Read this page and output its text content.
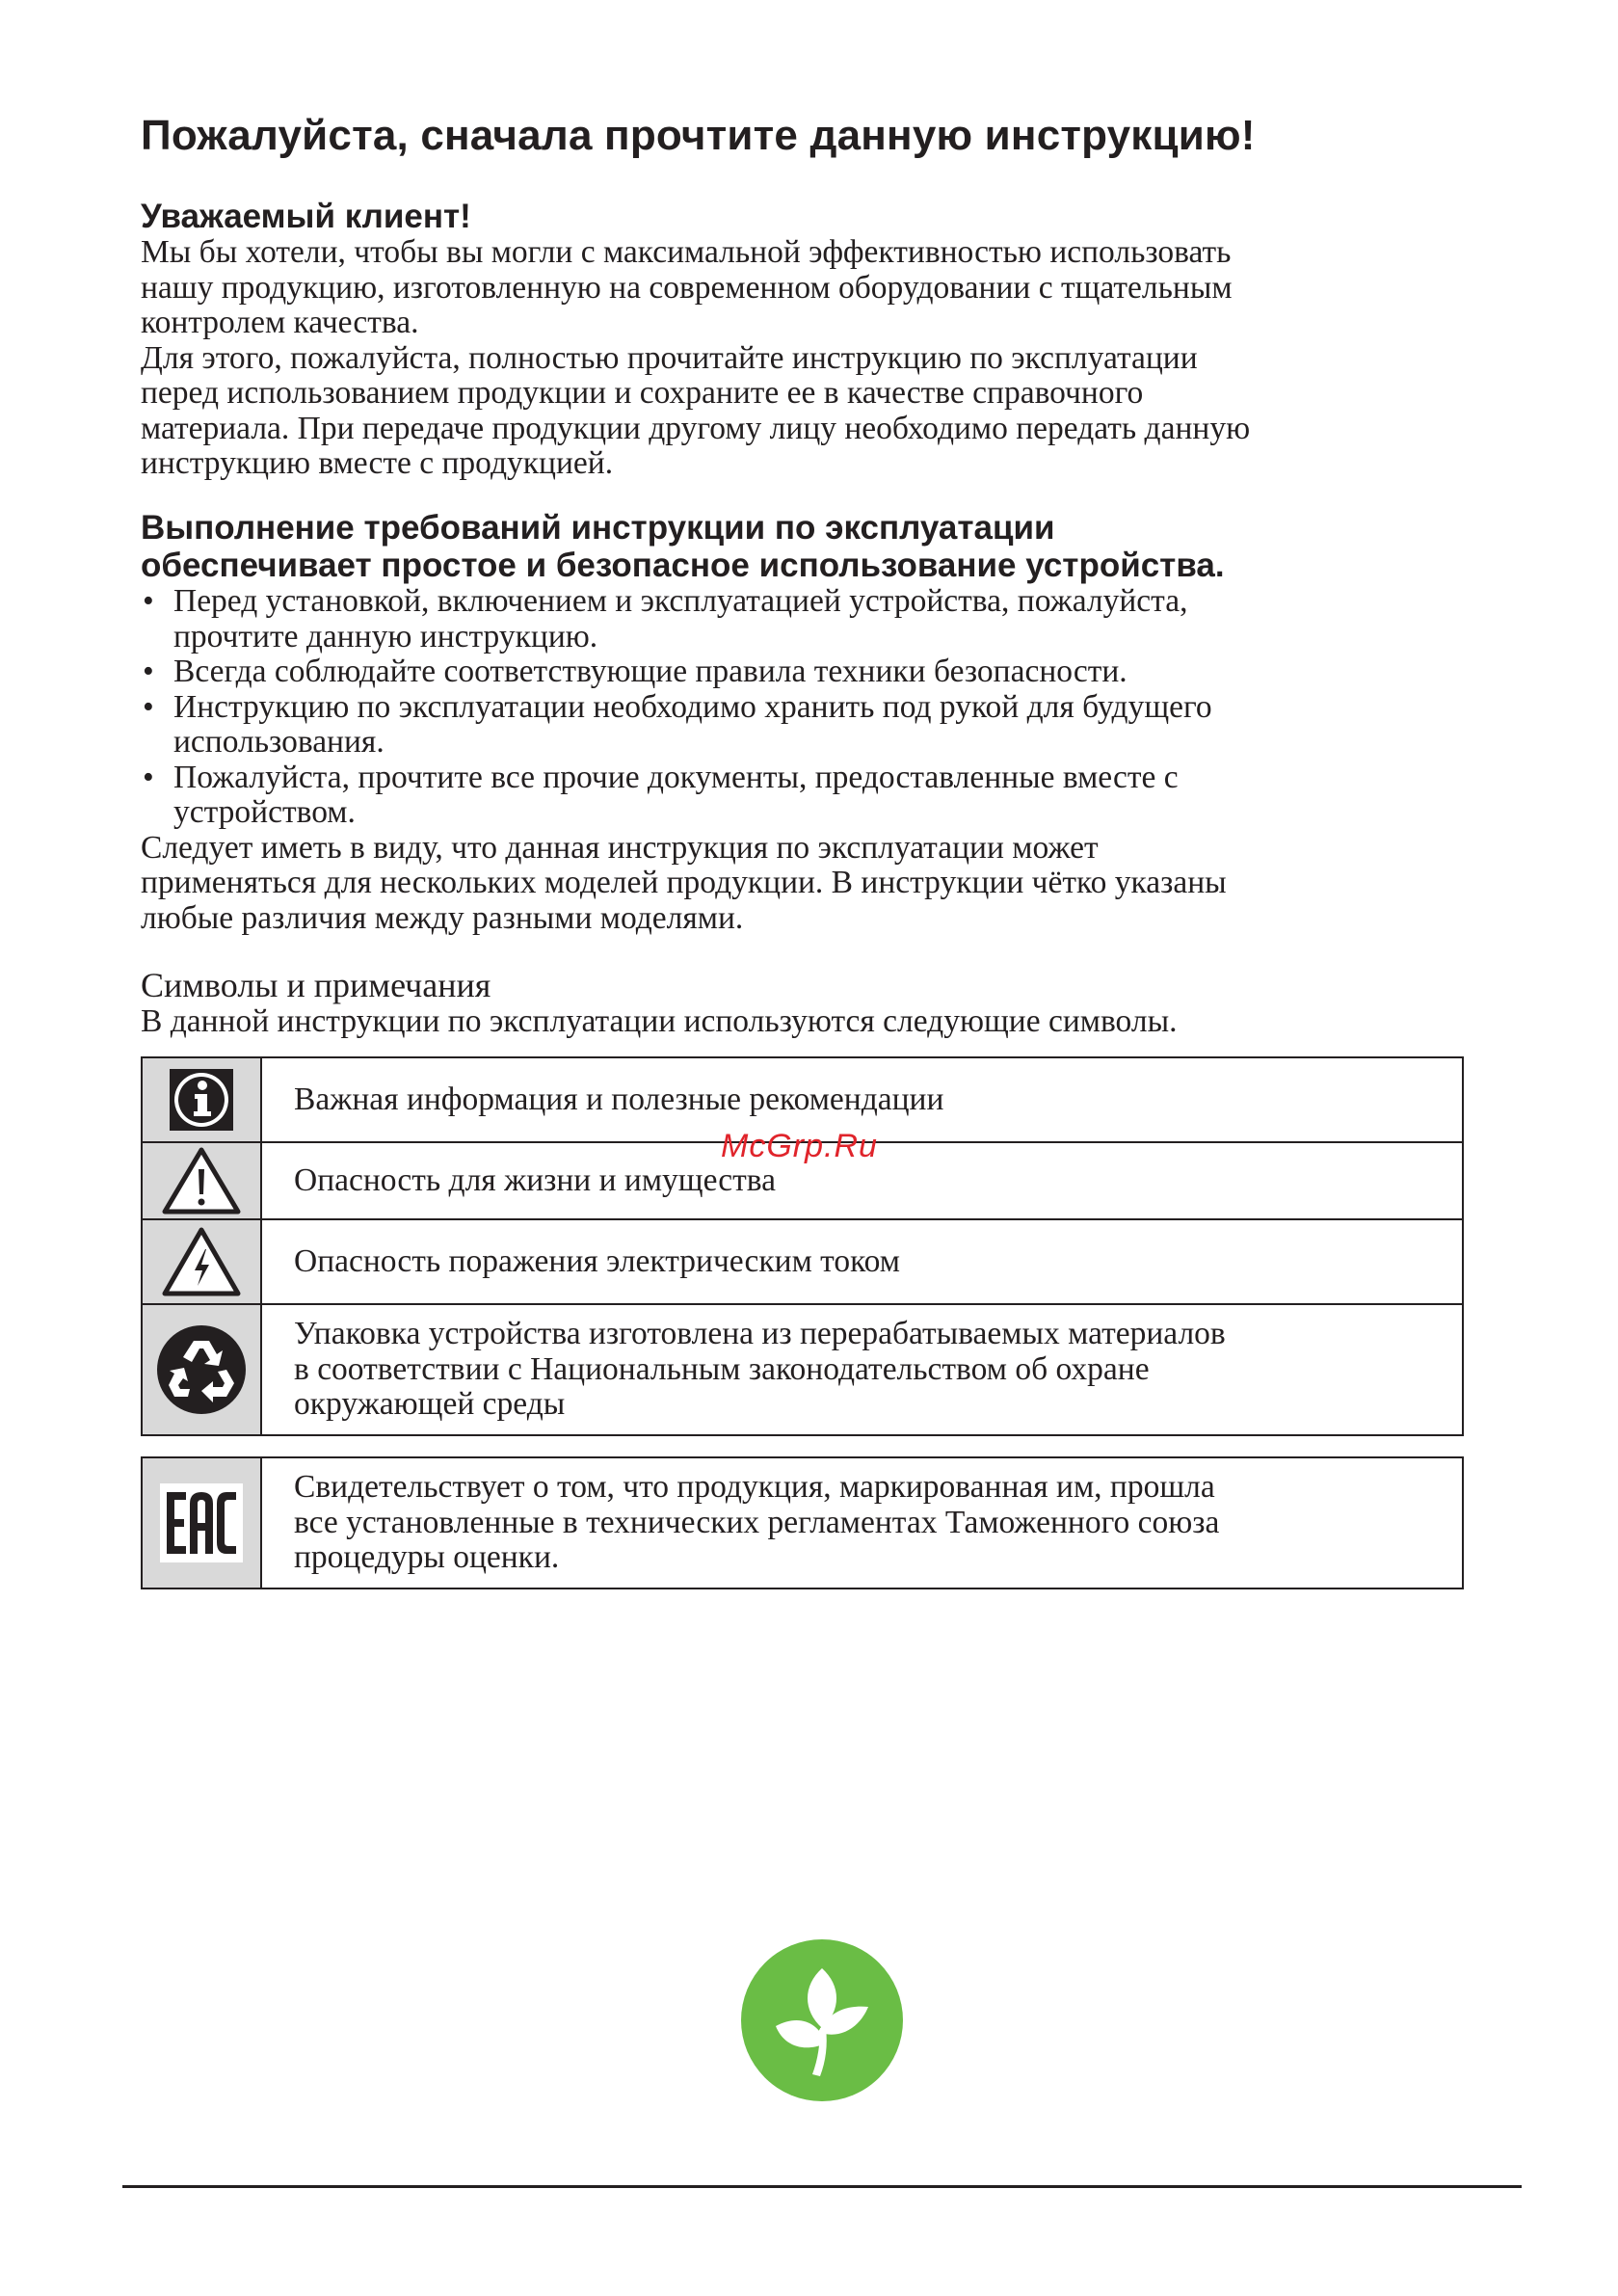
Пожалуйста, сначала прочтите данную инструкцию!
Уважаемый клиент!

Мы бы хотели, чтобы вы могли с максимальной эффективностью использовать

нашу продукцию, изготовленную на современном оборудовании с тщательным

контролем качества.

Для этого, пожалуйста, полностью прочитайте инструкцию по эксплуатации

перед использованием продукции и сохраните ее в качестве справочного

материала. При передаче продукции другому лицу необходимо передать данную

инструкцию вместе с продукцией.

Выполнение требований инструкции по эксплуатации
обеспечивает простое и безопасное использование устройства.
• Перед установкой, включением и эксплуатацией устройства, пожалуйста,
прочтите данную инструкцию.
• Всегда соблюдайте соответствующие правила техники безопасности.
• Инструкцию по эксплуатации необходимо хранить под рукой для будущего
использования.
• Пожалуйста, прочтите все прочие документы, предоставленные вместе с
устройством.

Следует иметь в виду, что данная инструкция по эксплуатации может

применяться для нескольких моделей продукции. В инструкции чётко указаны

любые различия между разными моделями.

Символы и примечания
В данной инструкции по эксплуатации используются следующие символы.

Важная информация и полезные рекомендации

Опасность для жизни и имущества

Опасность поражения электрическим током

Упаковка устройства изготовлена из перерабатываемых материалов
в соответствии с Национальным законодательством об охране
окружающей среды

Свидетельствует о том, что продукция, маркированная им, прошла
все установленные в технических регламентах Таможенного союза
процедуры оценки.
McGrp.Ru
